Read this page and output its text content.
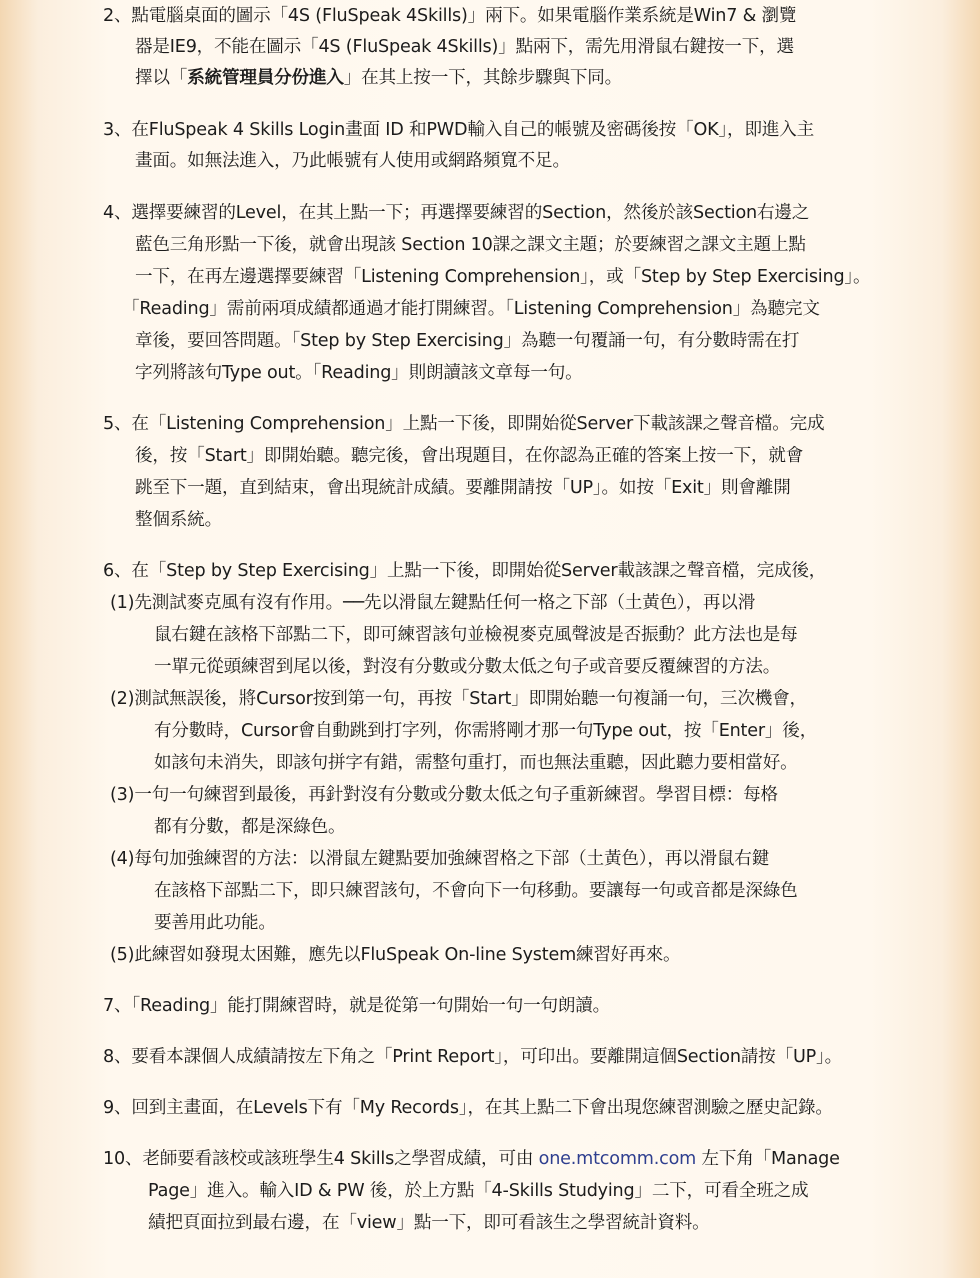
2、點電腦桌面的圖示「4S (FluSpeak 4Skills)」兩下。如果電腦作業系統是Win7 & 瀏覽
器是IE9，不能在圖示「4S (FluSpeak 4Skills)」點兩下，需先用滑鼠右鍵按一下，選
擇以「系統管理員分份進入」在其上按一下，其餘步驟與下同。
3、在FluSpeak 4 Skills Login畫面 ID 和PWD輸入自己的帳號及密碼後按「OK」，即進入主
畫面。如無法進入，乃此帳號有人使用或網路頻寬不足。
4、選擇要練習的Level，在其上點一下；再選擇要練習的Section，然後於該Section右邊之
藍色三角形點一下後，就會出現該 Section 10課之課文主題；於要練習之課文主題上點
一下，在再左邊選擇要練習「Listening Comprehension」，或「Step by Step Exercising」。
「Reading」需前兩項成績都通過才能打開練習。「Listening Comprehension」為聽完文
章後，要回答問題。「Step by Step Exercising」為聽一句覆誦一句，有分數時需在打
字列將該句Type out。「Reading」則朗讀該文章每一句。
5、在「Listening Comprehension」上點一下後，即開始從Server下載該課之聲音檔。完成
後，按「Start」即開始聽。聽完後，會出現題目，在你認為正確的答案上按一下，就會
跳至下一題，直到結束，會出現統計成績。要離開請按「UP」。如按「Exit」則會離開
整個系統。
6、在「Step by Step Exercising」上點一下後，即開始從Server載該課之聲音檔，完成後，
(1)先測試麥克風有沒有作用。──先以滑鼠左鍵點任何一格之下部（土黃色），再以滑
鼠右鍵在該格下部點二下，即可練習該句並檢視麥克風聲波是否振動？此方法也是每
一單元從頭練習到尾以後，對沒有分數或分數太低之句子或音要反覆練習的方法。
(2)測試無誤後，將Cursor按到第一句，再按「Start」即開始聽一句複誦一句，三次機會，
有分數時，Cursor會自動跳到打字列，你需將剛才那一句Type out，按「Enter」後，
如該句未消失，即該句拼字有錯，需整句重打，而也無法重聽，因此聽力要相當好。
(3)一句一句練習到最後，再針對沒有分數或分數太低之句子重新練習。學習目標：每格
都有分數，都是深綠色。
(4)每句加強練習的方法：以滑鼠左鍵點要加強練習格之下部（土黃色），再以滑鼠右鍵
在該格下部點二下，即只練習該句，不會向下一句移動。要讓每一句或音都是深綠色
要善用此功能。
(5)此練習如發現太困難，應先以FluSpeak On-line System練習好再來。
7、「Reading」能打開練習時，就是從第一句開始一句一句朗讀。
8、要看本課個人成績請按左下角之「Print Report」，可印出。要離開這個Section請按「UP」。
9、回到主畫面，在Levels下有「My Records」，在其上點二下會出現您練習測驗之歷史記錄。
10、老師要看該校或該班學生4 Skills之學習成績，可由 one.mtcomm.com 左下角「Manage
Page」進入。輸入ID & PW 後，於上方點「4-Skills Studying」二下，可看全班之成
績把頁面拉到最右邊，在「view」點一下，即可看該生之學習統計資料。
